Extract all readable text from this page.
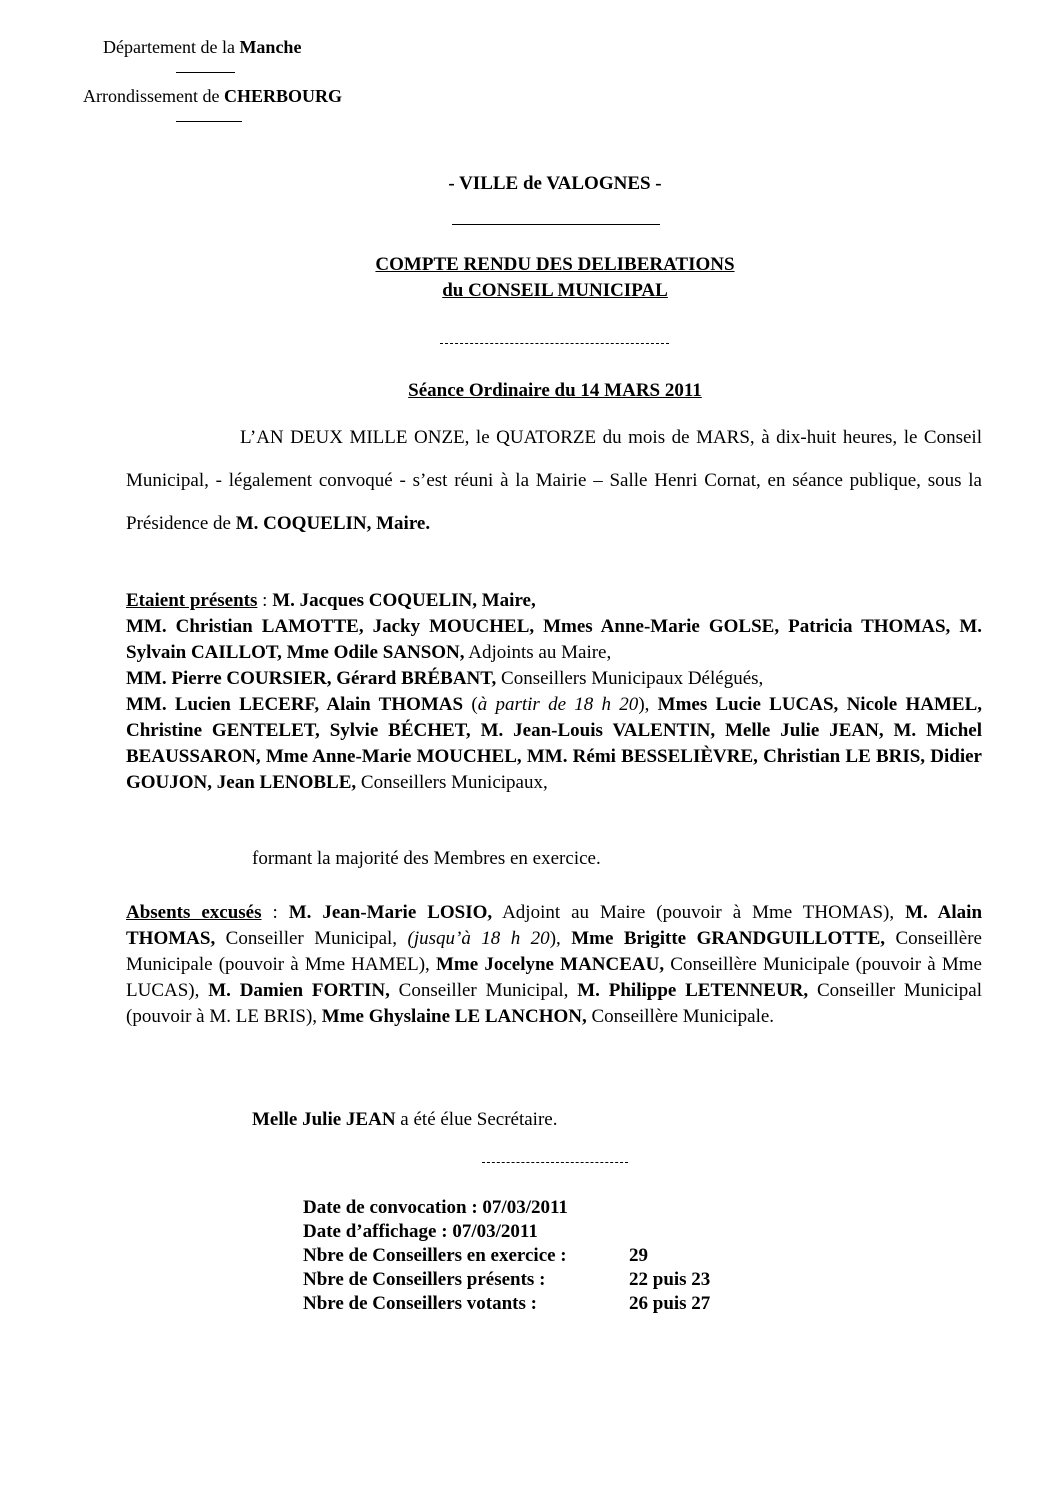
Département de la Manche
Arrondissement de CHERBOURG
- VILLE de VALOGNES -
COMPTE RENDU DES DELIBERATIONS
du CONSEIL MUNICIPAL
Séance Ordinaire du 14 MARS 2011
L’AN DEUX MILLE ONZE, le QUATORZE du mois de MARS, à dix-huit heures, le Conseil Municipal, - légalement convoqué - s’est réuni à la Mairie – Salle Henri Cornat, en séance publique, sous la Présidence de M. COQUELIN, Maire.
Etaient présents : M. Jacques COQUELIN, Maire,
MM. Christian LAMOTTE, Jacky MOUCHEL, Mmes Anne-Marie GOLSE, Patricia THOMAS, M. Sylvain CAILLOT, Mme Odile SANSON, Adjoints au Maire,
MM. Pierre COURSIER, Gérard BRÉBANT, Conseillers Municipaux Délégués,
MM. Lucien LECERF, Alain THOMAS (à partir de 18 h 20), Mmes Lucie LUCAS, Nicole HAMEL, Christine GENTELET, Sylvie BÉCHET, M. Jean-Louis VALENTIN, Melle Julie JEAN, M. Michel BEAUSSARON, Mme Anne-Marie MOUCHEL, MM. Rémi BESSELIÈVRE, Christian LE BRIS, Didier GOUJON, Jean LENOBLE, Conseillers Municipaux,
formant la majorité des Membres en exercice.
Absents excusés : M. Jean-Marie LOSIO, Adjoint au Maire (pouvoir à Mme THOMAS), M. Alain THOMAS, Conseiller Municipal, (jusqu’à 18 h 20), Mme Brigitte GRANDGUILLOTTE, Conseillère Municipale (pouvoir à Mme HAMEL), Mme Jocelyne MANCEAU, Conseillère Municipale (pouvoir à Mme LUCAS), M. Damien FORTIN, Conseiller Municipal, M. Philippe LETENNEUR, Conseiller Municipal (pouvoir à M. LE BRIS), Mme Ghyslaine LE LANCHON, Conseillère Municipale.
Melle Julie JEAN a été élue Secrétaire.
Date de convocation : 07/03/2011
Date d’affichage : 07/03/2011
Nbre de Conseillers en exercice :	29
Nbre de Conseillers présents :	22 puis 23
Nbre de Conseillers votants :	26 puis 27
